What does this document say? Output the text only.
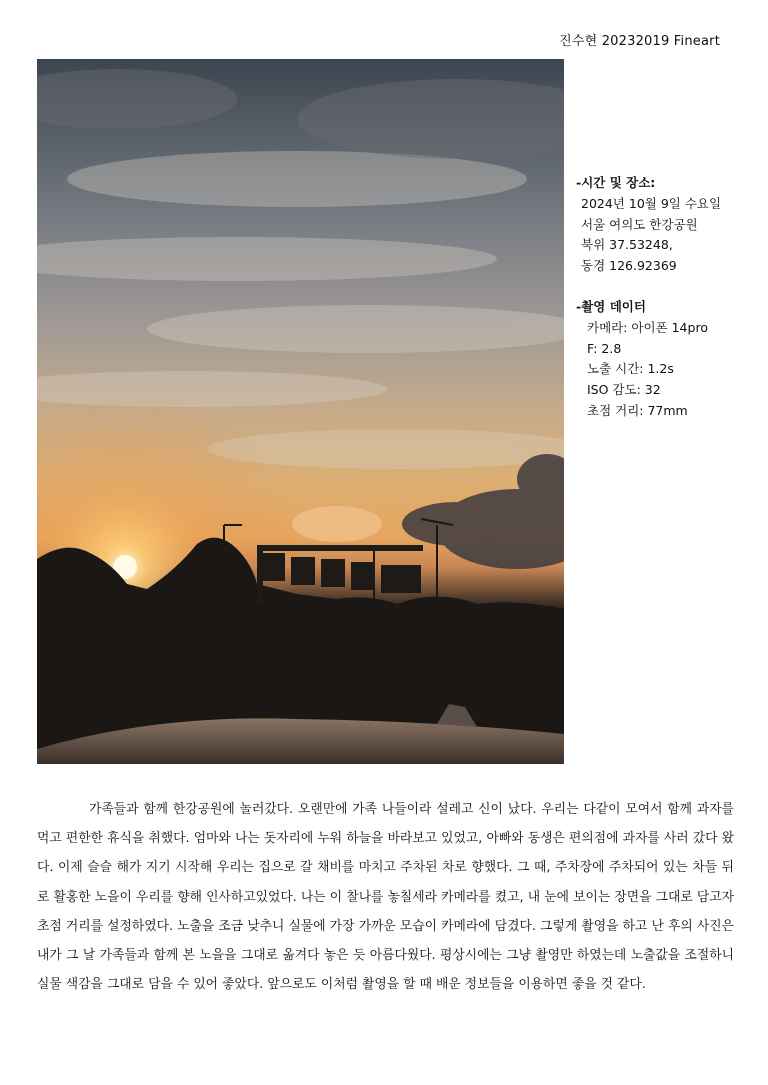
진수현 20232019 Fineart
-시간 및 장소:
2024년 10월 9일 수요일
서울 여의도 한강공원
북위 37.53248,
동경 126.92369
-촬영 데이터
카메라: 아이폰 14pro
F: 2.8
노출 시간: 1.2s
ISO 감도: 32
초점 거리: 77mm

가족들과 함께 한강공원에 놀러갔다. 오랜만에 가족 나들이라 설레고 신이 났다. 우리는 다같이 모여서 함께 과자를 먹고 편한한 휴식을 취했다. 엄마와 나는 돗자리에 누워 하늘을 바라보고 있었고, 아빠와 동생은 편의점에 과자를 사러 갔다 왔다. 이제 슬슬 해가 지기 시작해 우리는 집으로 갈 채비를 마치고 주차된 차로 향했다. 그 때, 주차장에 주차되어 있는 차들 뒤로 활홍한 노을이 우리를 향해 인사하고있었다. 나는 이 찰나를 놓칠세라 카메라를 켰고, 내 눈에 보이는 장면을 그대로 담고자 초점 거리를 설정하였다. 노출을 조금 낮추니 실물에 가장 가까운 모습이 카메라에 담겼다. 그렇게 촬영을 하고 난 후의 사진은 내가 그 날 가족들과 함께 본 노을을 그대로 옮겨다 놓은 듯 아름다웠다. 평상시에는 그냥 촬영만 하였는데 노출값을 조절하니 실물 색감을 그대로 담을 수 있어 좋았다. 앞으로도 이처럼 촬영을 할 때 배운 정보들을 이용하면 좋을 것 같다.
